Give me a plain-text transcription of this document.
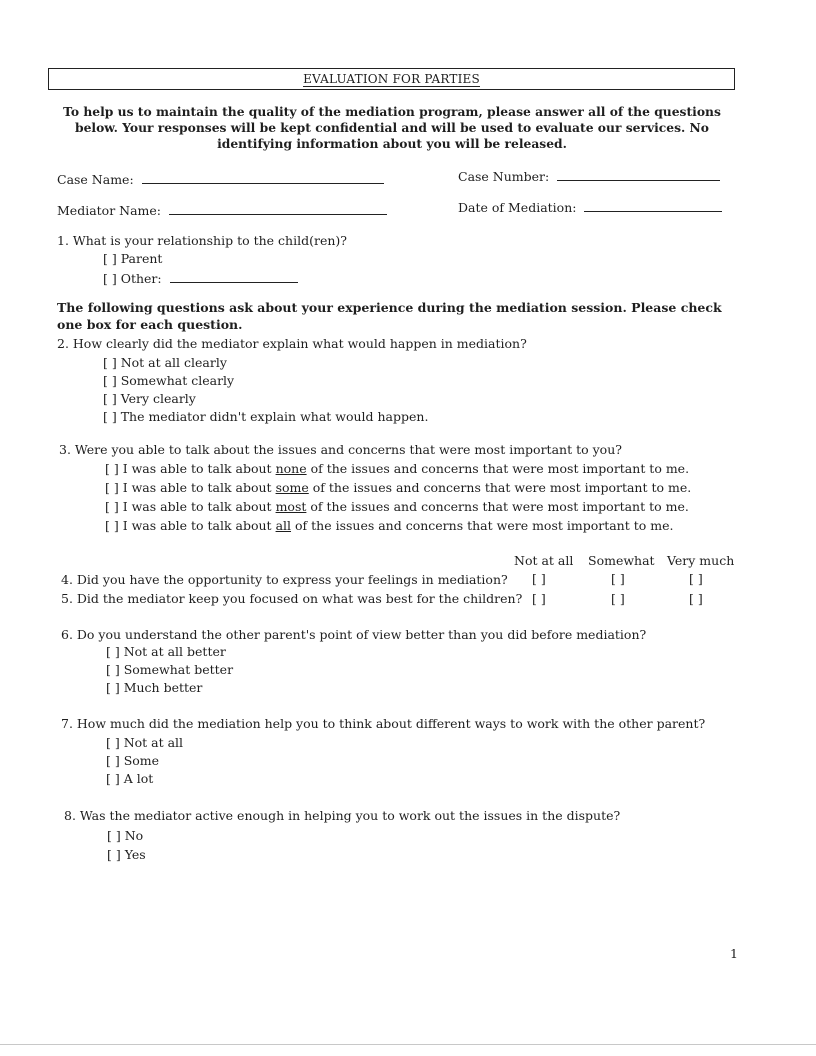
EVALUATION FOR PARTIES
To help us to maintain the quality of the mediation program, please answer all of the questions below. Your responses will be kept confidential and will be used to evaluate our services. No identifying information about you will be released.
Case Name:	Case Number:
Mediator Name:	Date of Mediation:
1. What is your relationship to the child(ren)?
[ ] Parent
[ ] Other:
The following questions ask about your experience during the mediation session. Please check one box for each question.
2. How clearly did the mediator explain what would happen in mediation?
[ ] Not at all clearly
[ ] Somewhat clearly
[ ] Very clearly
[ ] The mediator didn't explain what would happen.
3. Were you able to talk about the issues and concerns that were most important to you?
[ ] I was able to talk about none of the issues and concerns that were most important to me.
[ ] I was able to talk about some of the issues and concerns that were most important to me.
[ ] I was able to talk about most of the issues and concerns that were most important to me.
[ ] I was able to talk about all of the issues and concerns that were most important to me.
Not at all Somewhat Very much
4. Did you have the opportunity to express your feelings in mediation? [ ]	[ ]	[ ]
5. Did the mediator keep you focused on what was best for the children? [ ]	[ ]	[ ]
6. Do you understand the other parent's point of view better than you did before mediation?
[ ] Not at all better
[ ] Somewhat better
[ ] Much better
7. How much did the mediation help you to think about different ways to work with the other parent?
[ ] Not at all
[ ] Some
[ ] A lot
8. Was the mediator active enough in helping you to work out the issues in the dispute?
[ ] No
[ ] Yes
1
